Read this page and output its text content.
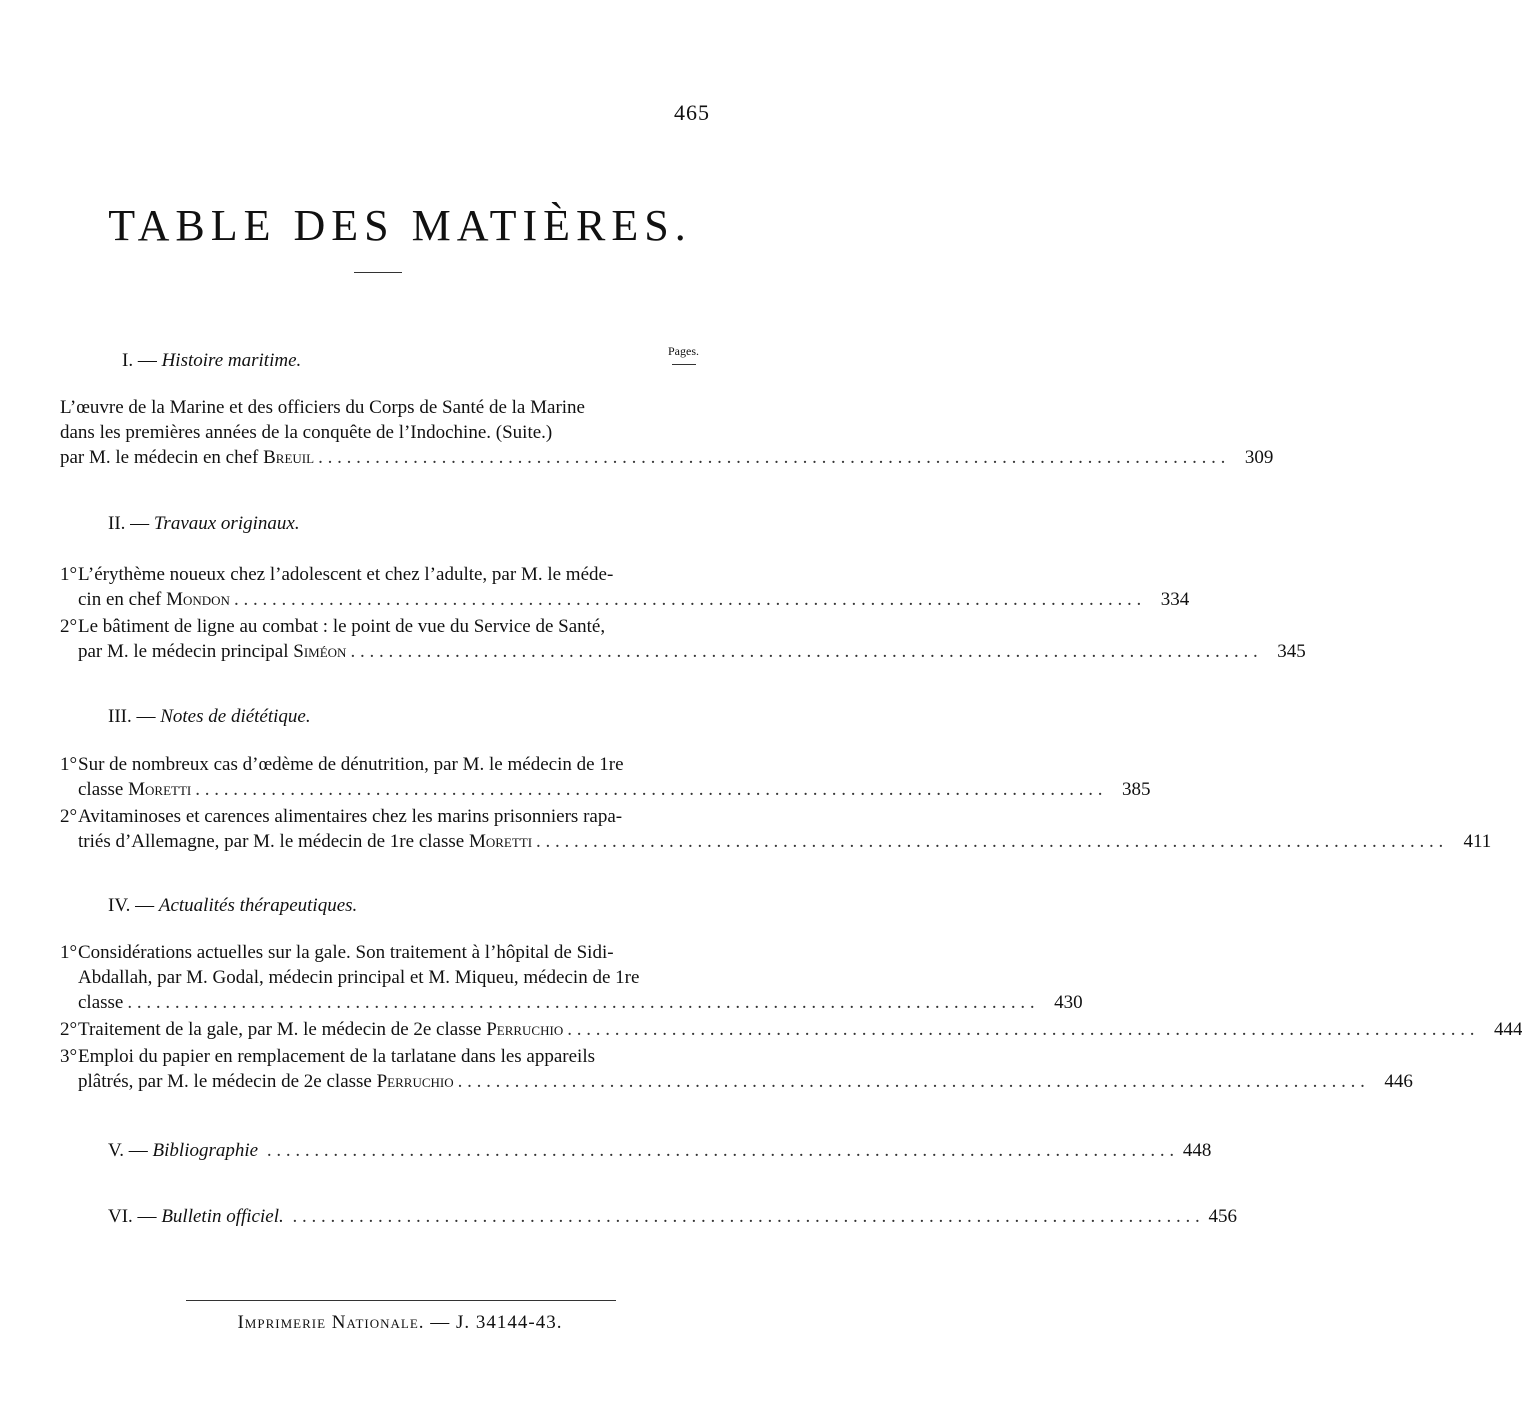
465
TABLE DES MATIÈRES.
Pages.
I. — Histoire maritime.
L’œuvre de la Marine et des officiers du Corps de Santé de la Marine
dans les premières années de la conquête de l’Indochine. (Suite.)
par M. le médecin en chef
Breuil . . .	309
II. — Travaux originaux.
1° L’érythème noueux chez l’adolescent et chez l’adulte, par M. le méde-
cin en chef
Mondon . . .	334
2° Le bâtiment de ligne au combat : le point de vue du Service de Santé,
par M. le médecin principal
Siméon . . .	345
III. — Notes de diététique.
1° Sur de nombreux cas d’œdème de dénutrition, par M. le médecin de 1re
classe
Moretti . . .	385
2° Avitaminoses et carences alimentaires chez les marins prisonniers rapa-
triés d’Allemagne, par M. le médecin de 1re classe
Moretti . . .	411
IV. — Actualités thérapeutiques.
1° Considérations actuelles sur la gale. Son traitement à l’hôpital de Sidi-
Abdallah, par M. Godal, médecin principal et M. Miqueu, médecin de 1re
classe . . .	430
2° Traitement de la gale, par M. le médecin de 2e classe
Perruchio . . .	444
3° Emploi du papier en remplacement de la tarlatane dans les appareils
plâtrés, par M. le médecin de 2e classe
Perruchio . . .	446
V. — Bibliographie . . .	448
VI. — Bulletin officiel. . . .	456
Imprimerie Nationale. — J. 34144-43.
